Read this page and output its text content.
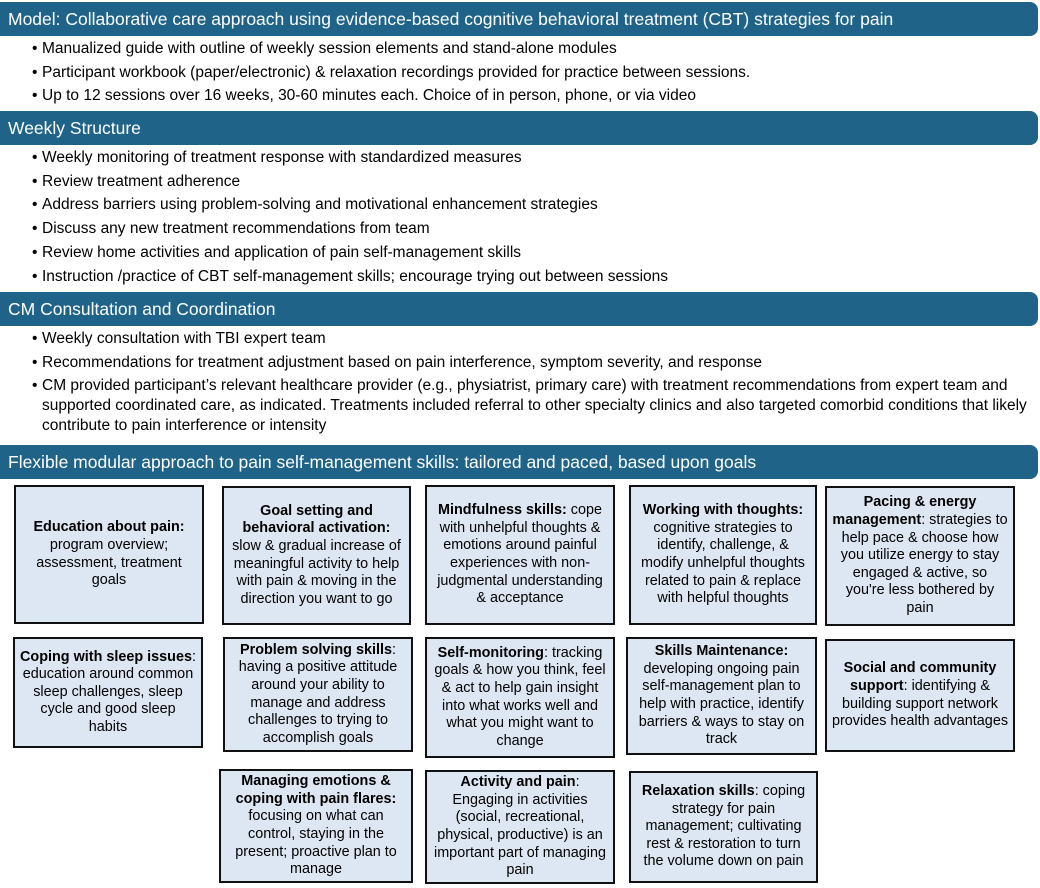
Model: Collaborative care approach using evidence-based cognitive behavioral treatment (CBT) strategies for pain
• Manualized guide with outline of weekly session elements and stand-alone modules
• Participant workbook (paper/electronic) & relaxation recordings provided for practice between sessions.
• Up to 12 sessions over 16 weeks, 30-60 minutes each. Choice of in person, phone, or via video
Weekly Structure
• Weekly monitoring of treatment response with standardized measures
• Review treatment adherence
• Address barriers using problem-solving and motivational enhancement strategies
• Discuss any new treatment recommendations from team
• Review home activities and application of pain self-management skills
• Instruction /practice of CBT self-management skills; encourage trying out between sessions
CM Consultation and Coordination
• Weekly consultation with TBI expert team
• Recommendations for treatment adjustment based on pain interference, symptom severity, and response
• CM provided participant’s relevant healthcare provider (e.g., physiatrist, primary care) with treatment recommendations from expert team and supported coordinated care, as indicated. Treatments included referral to other specialty clinics and also targeted comorbid conditions that likely contribute to pain interference or intensity
Flexible modular approach to pain self-management skills: tailored and paced, based upon goals

Education about pain:
program overview; assessment, treatment goals

Goal setting and behavioral activation:
slow & gradual increase of meaningful activity to help with pain & moving in the direction you want to go

Mindfulness skills: cope with unhelpful thoughts & emotions around painful experiences with non-judgmental understanding & acceptance

Working with thoughts:
cognitive strategies to identify, challenge, & modify unhelpful thoughts related to pain & replace with helpful thoughts

Pacing & energy management: strategies to help pace & choose how you utilize energy to stay engaged & active, so you're less bothered by pain

Coping with sleep issues: education around common sleep challenges, sleep cycle and good sleep habits

Problem solving skills: having a positive attitude around your ability to manage and address challenges to trying to accomplish goals

Self-monitoring: tracking goals & how you think, feel & act to help gain insight into what works well and what you might want to change

Skills Maintenance:
developing ongoing pain self-management plan to help with practice, identify barriers & ways to stay on track

Social and community support: identifying & building support network provides health advantages

Managing emotions & coping with pain flares:
focusing on what can control, staying in the present; proactive plan to manage

Activity and pain: Engaging in activities (social, recreational, physical, productive) is an important part of managing pain

Relaxation skills: coping strategy for pain management; cultivating rest & restoration to turn the volume down on pain
